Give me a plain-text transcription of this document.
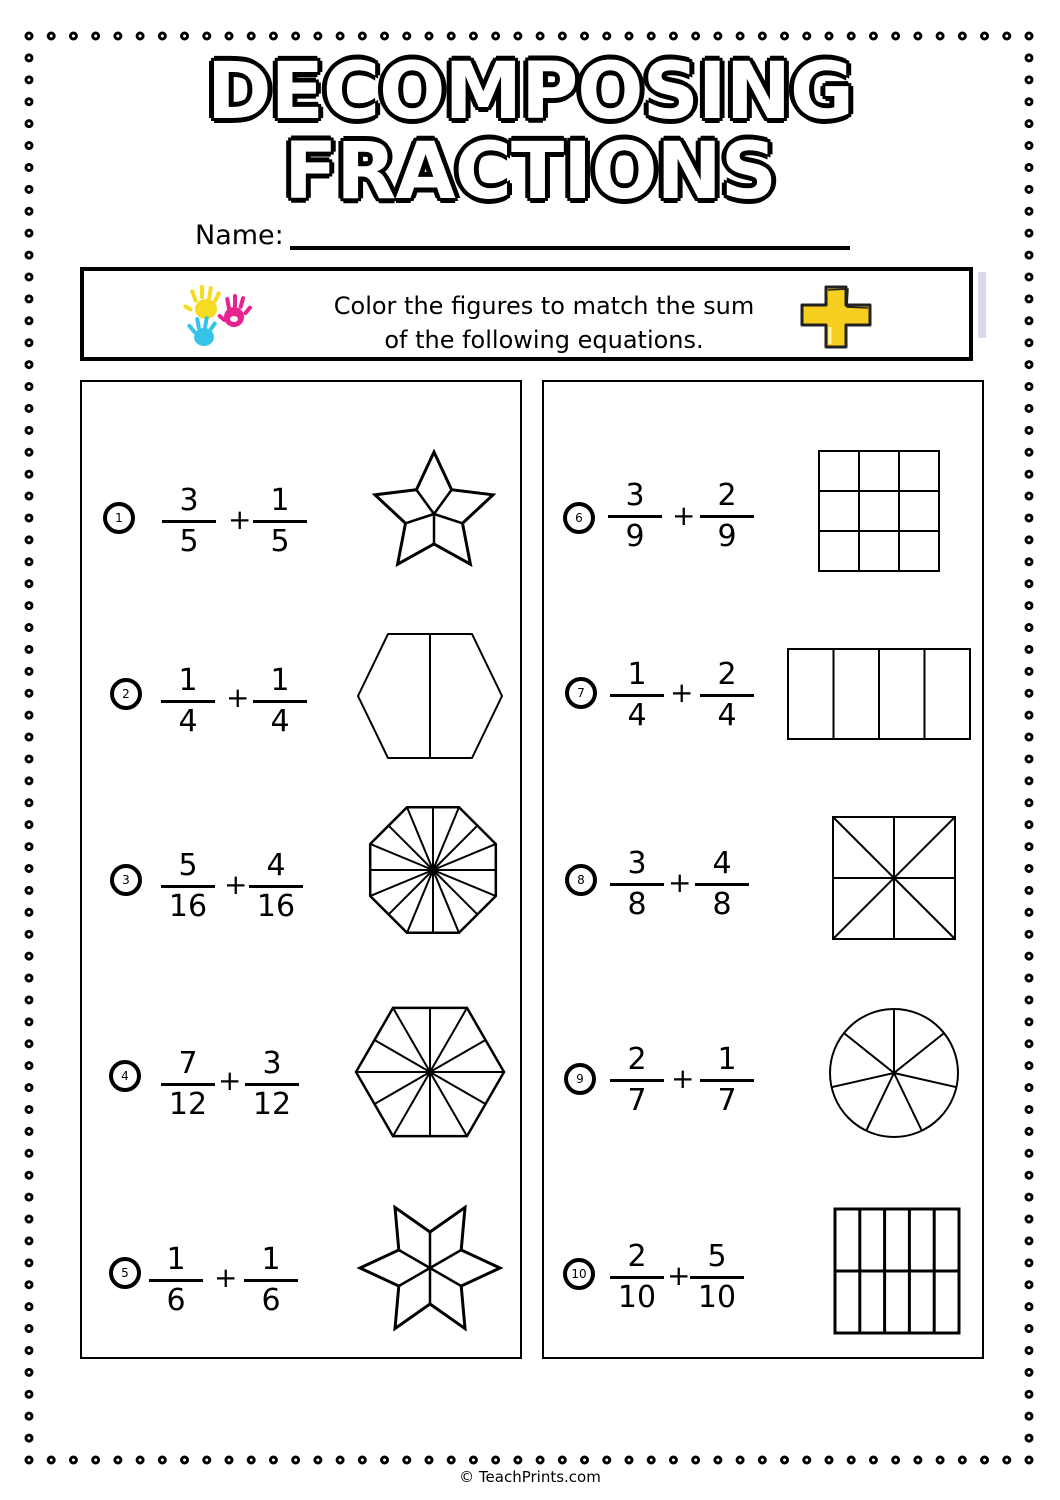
DECOMPOSING
FRACTIONS
Name:
Color the figures to match the sum
of the following equations.
1	3
5
+
1
5
2	1
4
+ 1
4
3	5
16
+
4
16
4	7
12
+ 3
12
5	1
6
+
1
6
6
3
9
+
2
9
7
1
4
+
2
4
8	3
8
+
4
8
9
2
7
+
1
7
10	2
10
+
5
10
© TeachPrints.com
